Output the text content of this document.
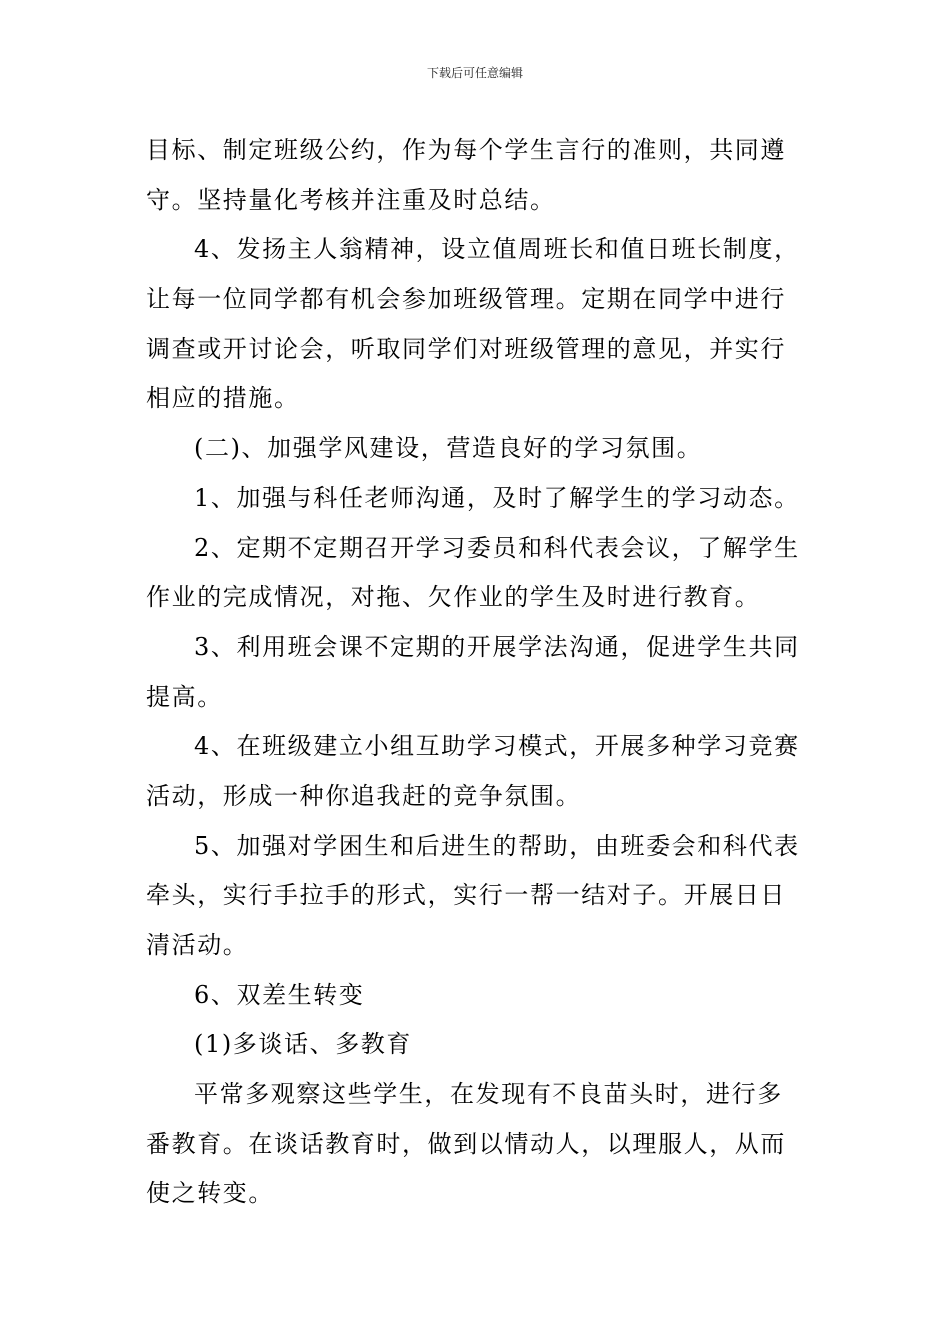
下载后可任意编辑
目标、制定班级公约，作为每个学生言行的准则，共同遵
守。坚持量化考核并注重及时总结。
4、发扬主人翁精神，设立值周班长和值日班长制度，
让每一位同学都有机会参加班级管理。定期在同学中进行
调查或开讨论会，听取同学们对班级管理的意见，并实行
相应的措施。
(二)、加强学风建设，营造良好的学习氛围。
1、加强与科任老师沟通，及时了解学生的学习动态。
2、定期不定期召开学习委员和科代表会议，了解学生
作业的完成情况，对拖、欠作业的学生及时进行教育。
3、利用班会课不定期的开展学法沟通，促进学生共同
提高。
4、在班级建立小组互助学习模式，开展多种学习竞赛
活动，形成一种你追我赶的竞争氛围。
5、加强对学困生和后进生的帮助，由班委会和科代表
牵头，实行手拉手的形式，实行一帮一结对子。开展日日
清活动。
6、双差生转变
(1)多谈话、多教育
平常多观察这些学生，在发现有不良苗头时，进行多
番教育。在谈话教育时，做到以情动人，以理服人，从而
使之转变。
